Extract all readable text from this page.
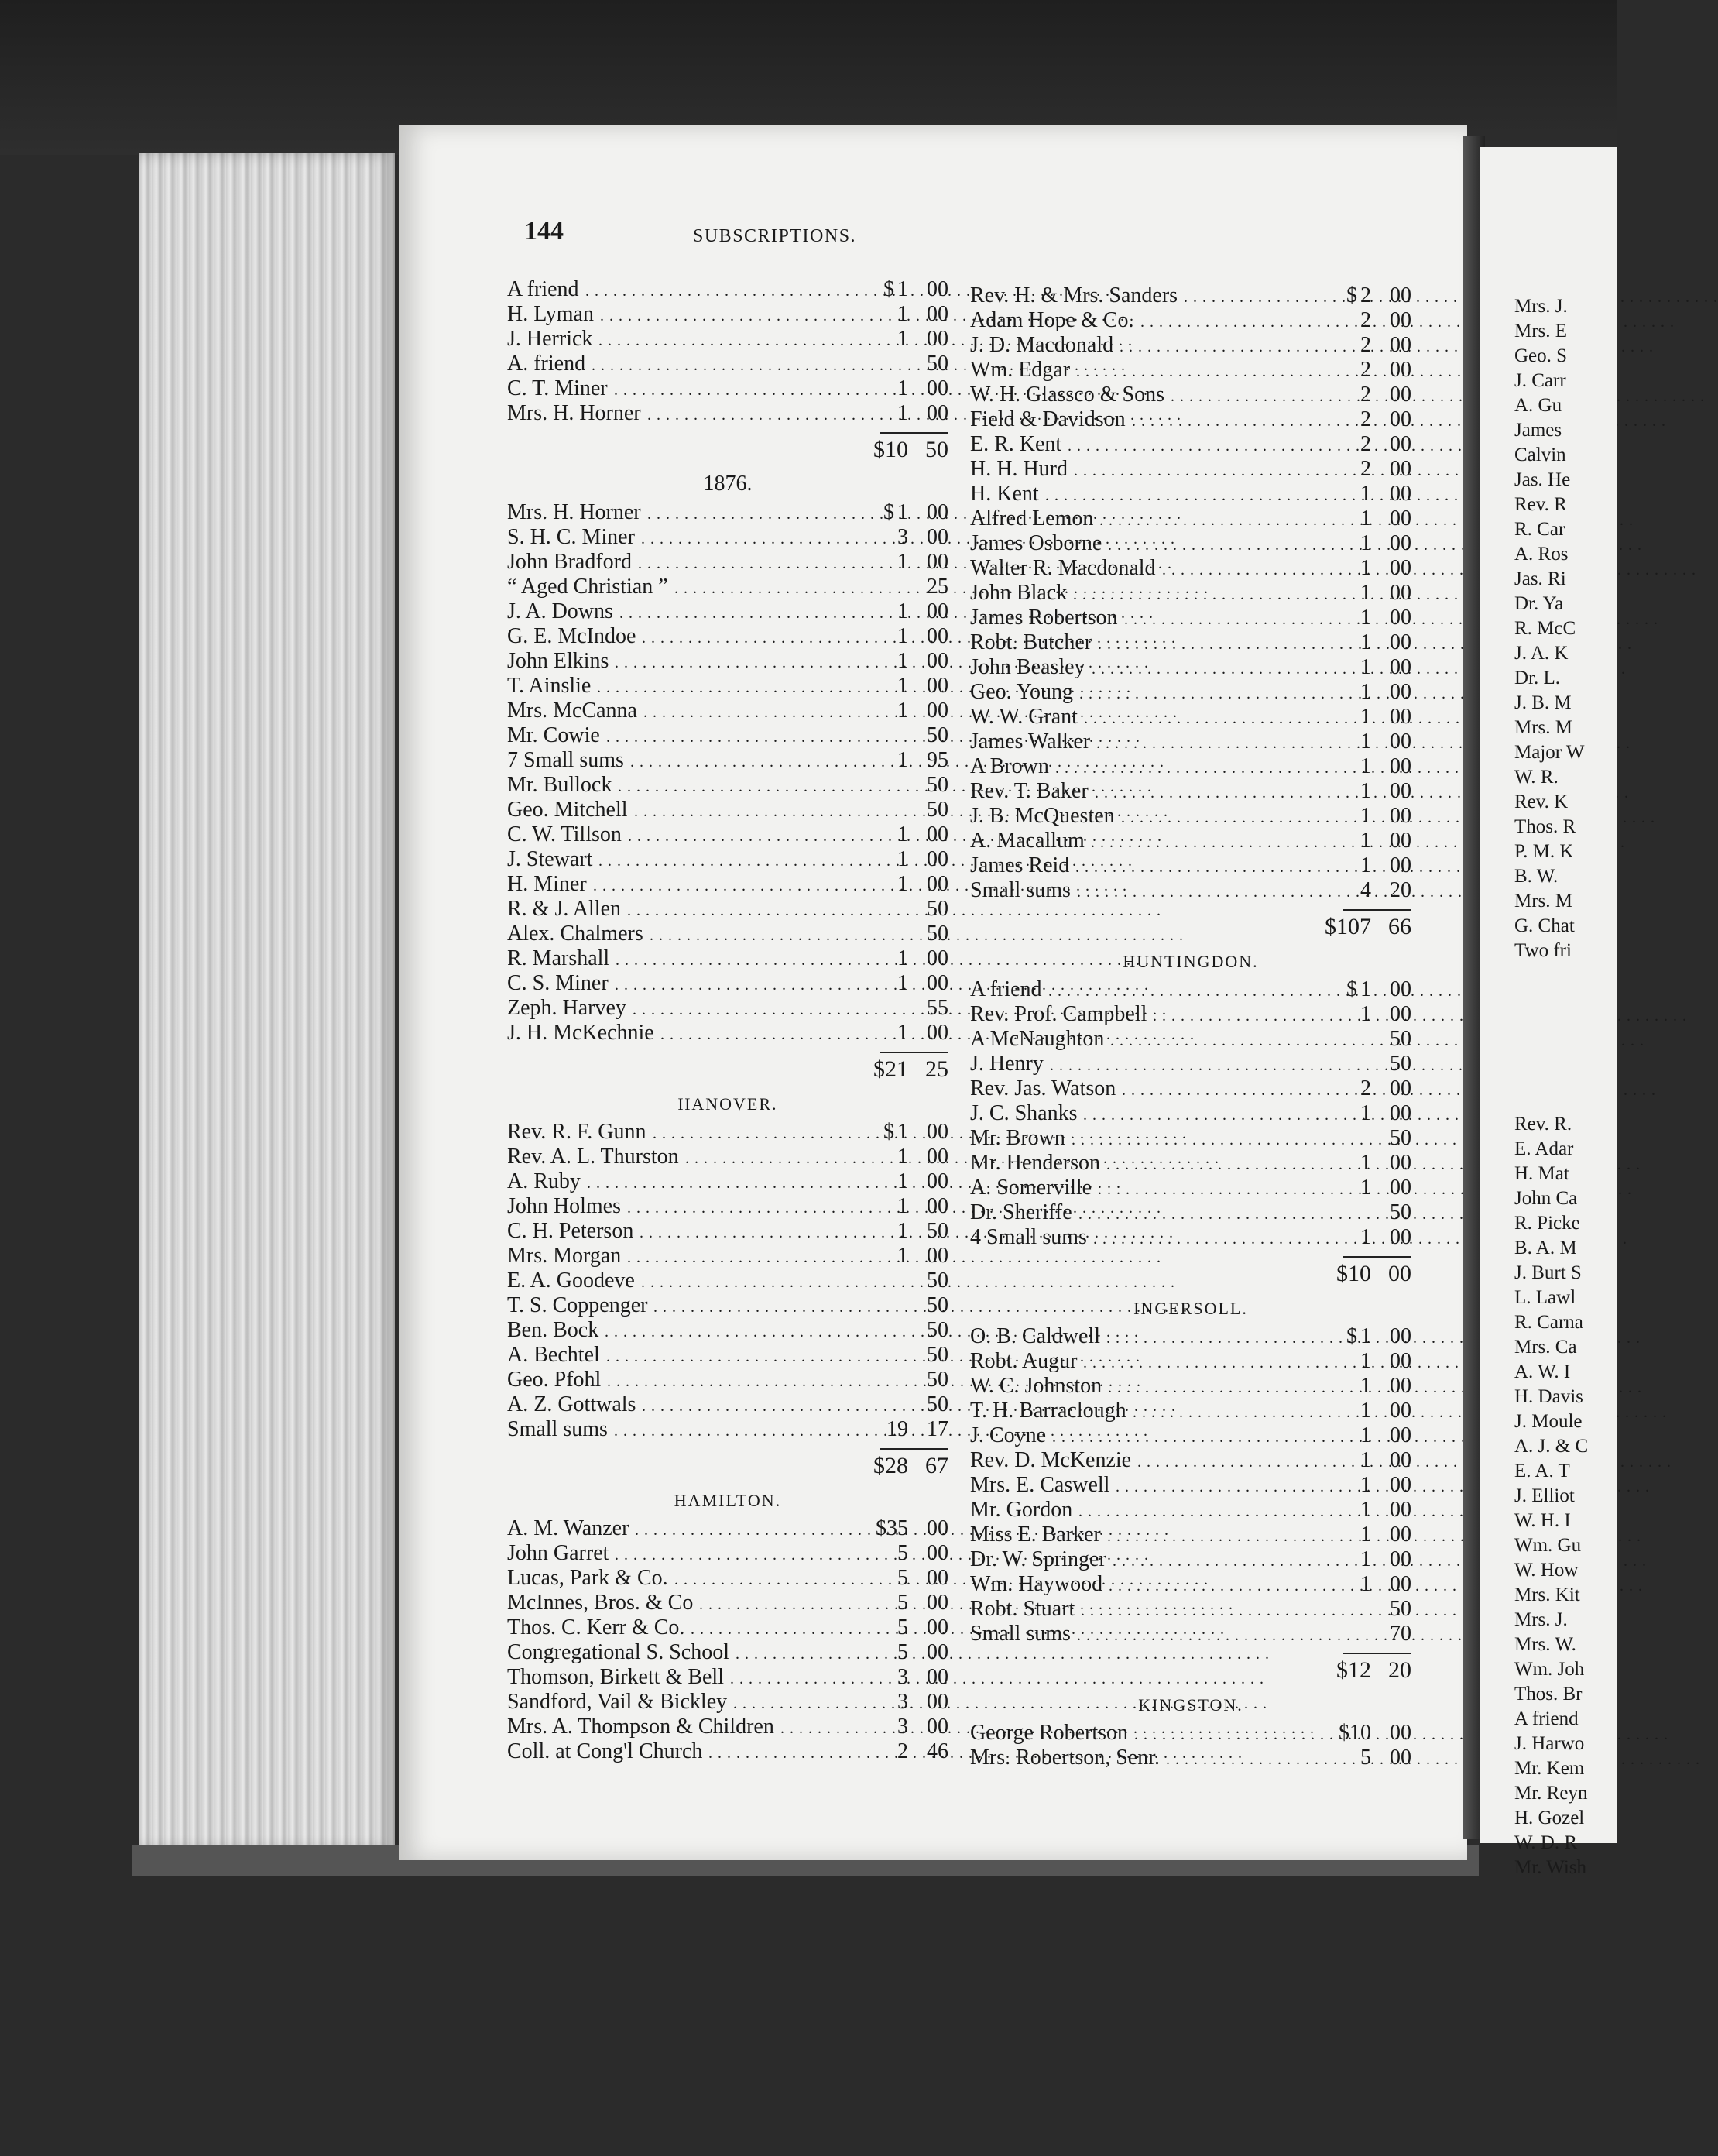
144	SUBSCRIPTIONS.
A friend . . .	$ 1 00
H. Lyman . . .	1 00
J. Herrick . . .	1 00
A. friend . . .	50
C. T. Miner . . .	1 00
Mrs. H. Horner . . .	1 00
$10 50
1876.
Mrs. H. Horner . . .	$ 1 00
S. H. C. Miner . . .	3 00
John Bradford . . .	1 00
“ Aged Christian ” . . .	25
J. A. Downs . . .	1 00
G. E. McIndoe . . .	1 00
John Elkins . . .	1 00
T. Ainslie . . .	1 00
Mrs. McCanna . . .	1 00
Mr. Cowie . . .	50
7 Small sums . . .	1 95
Mr. Bullock . . .	50
Geo. Mitchell . . .	50
C. W. Tillson . . .	1 00
J. Stewart . . .	1 00
H. Miner . . .	1 00
R. & J. Allen . . .	50
Alex. Chalmers . . .	50
R. Marshall . . .	1 00
C. S. Miner . . .	1 00
Zeph. Harvey . . .	55
J. H. McKechnie . . .	1 00
$21 25
HANOVER.
Rev. R. F. Gunn . . .	$ 1 00
Rev. A. L. Thurston . . .	1 00
A. Ruby . . .	1 00
John Holmes . . .	1 00
C. H. Peterson . . .	1 50
Mrs. Morgan . . .	1 00
E. A. Goodeve . . .	50
T. S. Coppenger . . .	50
Ben. Bock . . .	50
A. Bechtel . . .	50
Geo. Pfohl . . .	50
A. Z. Gottwals . . .	50
Small sums . . .	19 17
$28 67
HAMILTON.
A. M. Wanzer . . .	$35 00
John Garret . . .	5 00
Lucas, Park & Co. . . .	5 00
McInnes, Bros. & Co . . .	5 00
Thos. C. Kerr & Co. . . .	5 00
Congregational S. School . . .	5 00
Thomson, Birkett & Bell . . .	3 00
Sandford, Vail & Bickley . . .	3 00
Mrs. A. Thompson & Children . . .	3 00
Coll. at Cong'l Church . . .	2 46
Rev. H. & Mrs. Sanders . . .	$ 2 00
Adam Hope & Co. . . .	2 00
J. D. Macdonald . . .	2 00
Wm. Edgar . . .	2 00
W. H. Glassco & Sons . . .	2 00
Field & Davidson . . .	2 00
E. R. Kent . . .	2 00
H. H. Hurd . . .	2 00
H. Kent . . .	1 00
Alfred Lemon . . .	1 00
James Osborne . . .	1 00
Walter R. Macdonald . . .	1 00
John Black . . .	1 00
James Robertson . . .	1 00
Robt. Butcher . . .	1 00
John Beasley . . .	1 00
Geo. Young . . .	1 00
W. W. Grant . . .	1 00
James Walker . . .	1 00
A Brown . . .	1 00
Rev. T. Baker . . .	1 00
J. B. McQuesten . . .	1 00
A. Macallum . . .	1 00
James Reid . . .	1 00
Small sums . . .	4 20
$107 66
HUNTINGDON.
A friend . . .	$ 1 00
Rev. Prof. Campbell . . .	1 00
A McNaughton . . .	50
J. Henry . . .	50
Rev. Jas. Watson . . .	2 00
J. C. Shanks . . .	1 00
Mr. Brown . . .	50
Mr. Henderson . . .	1 00
A. Somerville . . .	1 00
Dr. Sheriffe . . .	50
4 Small sums . . .	1 00
$10 00
INGERSOLL.
O. B. Caldwell . . .	$ 1 00
Robt. Augur . . .	1 00
W. C. Johnston . . .	1 00
T. H. Barraclough . . .	1 00
J. Coyne . . .	1 00
Rev. D. McKenzie . . .	1 00
Mrs. E. Caswell . . .	1 00
Mr. Gordon . . .	1 00
Miss E. Barker . . .	1 00
Dr. W. Springer . . .	1 00
Wm. Haywood . . .	1 00
Robt. Stuart . . .	50
Small sums . . .	70
$12 20
KINGSTON.
George Robertson . . .	$10 00
Mrs. Robertson, Senr. . . .	5 00
Mrs. J.
Mrs. E
Geo. S
J. Carr
A. Gu
James
Calvin
Jas. He
Rev. R
R. Car
A. Ros
Jas. Ri
Dr. Ya
R. McC
J. A. K
Dr. L.
J. B. M
Mrs. M
Major W
W. R.
Rev. K
Thos. R
P. M. K
B. W.
Mrs. M
G. Chat
Two fri
Rev. R.
E. Adar
H. Mat
John Ca
R. Picke
B. A. M
J. Burt S
L. Lawl
R. Carna
Mrs. Ca
A. W. I
H. Davis
J. Moule
A. J. & C
E. A. T
J. Elliot
W. H. I
Wm. Gu
W. How
Mrs. Kit
Mrs. J.
Mrs. W.
Wm. Joh
Thos. Br
A friend
J. Harwo
Mr. Kem
Mr. Reyn
H. Gozel
W. D. R
Mr. Wish
